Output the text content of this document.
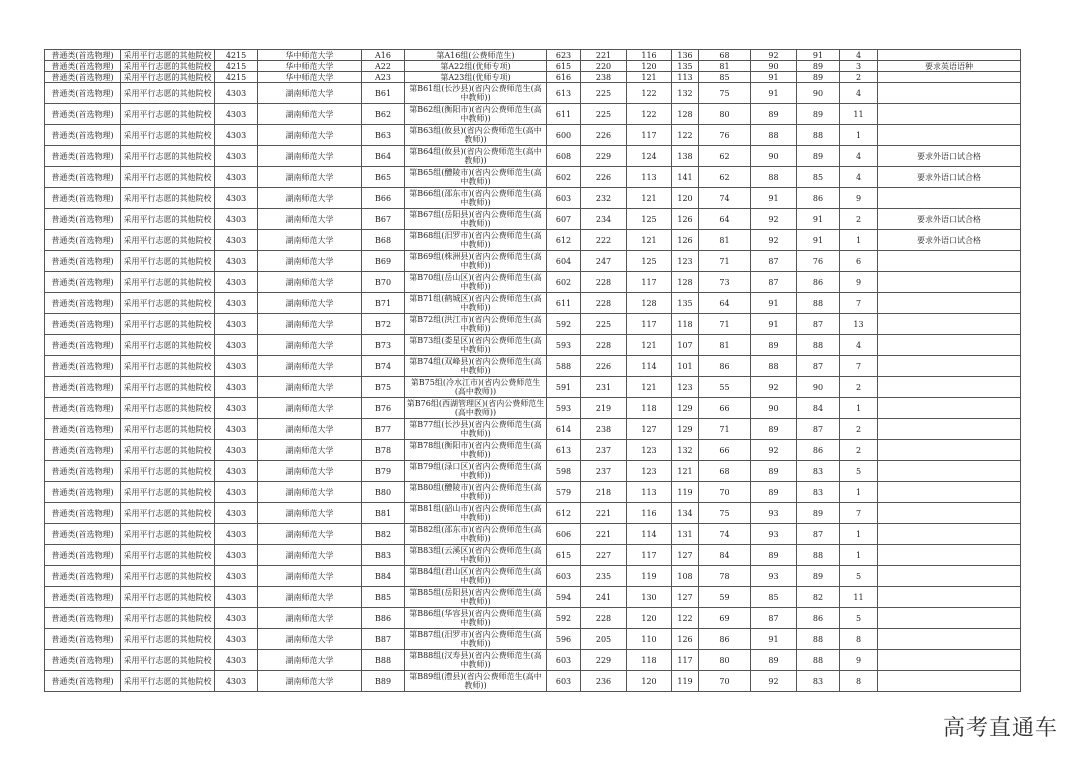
普通类(首选物理)	采用平行志愿的其他院校	4215	华中师范大学	A16	第A16组(公费师范生)	623	221	116	136	68	92	91	4	
普通类(首选物理)	采用平行志愿的其他院校	4215	华中师范大学	A22	第A22组(优师专项)	615	220	120	135	81	90	89	3	要求英语语种
普通类(首选物理)	采用平行志愿的其他院校	4215	华中师范大学	A23	第A23组(优师专项)	616	238	121	113	85	91	89	2	
普通类(首选物理)	采用平行志愿的其他院校	4303	湖南师范大学	B61	第B61组(长沙县)(省内公费师范生(高中教师))	613	225	122	132	75	91	90	4	
普通类(首选物理)	采用平行志愿的其他院校	4303	湖南师范大学	B62	第B62组(衡阳市)(省内公费师范生(高中教师))	611	225	122	128	80	89	89	11	
普通类(首选物理)	采用平行志愿的其他院校	4303	湖南师范大学	B63	第B63组(攸县)(省内公费师范生(高中教师))	600	226	117	122	76	88	88	1	
普通类(首选物理)	采用平行志愿的其他院校	4303	湖南师范大学	B64	第B64组(攸县)(省内公费师范生(高中教师))	608	229	124	138	62	90	89	4	要求外语口试合格
普通类(首选物理)	采用平行志愿的其他院校	4303	湖南师范大学	B65	第B65组(醴陵市)(省内公费师范生(高中教师))	602	226	113	141	62	88	85	4	要求外语口试合格
普通类(首选物理)	采用平行志愿的其他院校	4303	湖南师范大学	B66	第B66组(邵东市)(省内公费师范生(高中教师))	603	232	121	120	74	91	86	9	
普通类(首选物理)	采用平行志愿的其他院校	4303	湖南师范大学	B67	第B67组(岳阳县)(省内公费师范生(高中教师))	607	234	125	126	64	92	91	2	要求外语口试合格
普通类(首选物理)	采用平行志愿的其他院校	4303	湖南师范大学	B68	第B68组(汨罗市)(省内公费师范生(高中教师))	612	222	121	126	81	92	91	1	要求外语口试合格
普通类(首选物理)	采用平行志愿的其他院校	4303	湖南师范大学	B69	第B69组(株洲县)(省内公费师范生(高中教师))	604	247	125	123	71	87	76	6	
普通类(首选物理)	采用平行志愿的其他院校	4303	湖南师范大学	B70	第B70组(岳山区)(省内公费师范生(高中教师))	602	228	117	128	73	87	86	9	
普通类(首选物理)	采用平行志愿的其他院校	4303	湖南师范大学	B71	第B71组(鹤城区)(省内公费师范生(高中教师))	611	228	128	135	64	91	88	7	
普通类(首选物理)	采用平行志愿的其他院校	4303	湖南师范大学	B72	第B72组(洪江市)(省内公费师范生(高中教师))	592	225	117	118	71	91	87	13	
普通类(首选物理)	采用平行志愿的其他院校	4303	湖南师范大学	B73	第B73组(娄星区)(省内公费师范生(高中教师))	593	228	121	107	81	89	88	4	
普通类(首选物理)	采用平行志愿的其他院校	4303	湖南师范大学	B74	第B74组(双峰县)(省内公费师范生(高中教师))	588	226	114	101	86	88	87	7	
普通类(首选物理)	采用平行志愿的其他院校	4303	湖南师范大学	B75	第B75组(冷水江市)(省内公费师范生(高中教师))	591	231	121	123	55	92	90	2	
普通类(首选物理)	采用平行志愿的其他院校	4303	湖南师范大学	B76	第B76组(西湖管理区)(省内公费师范生(高中教师))	593	219	118	129	66	90	84	1	
普通类(首选物理)	采用平行志愿的其他院校	4303	湖南师范大学	B77	第B77组(长沙县)(省内公费师范生(高中教师))	614	238	127	129	71	89	87	2	
普通类(首选物理)	采用平行志愿的其他院校	4303	湖南师范大学	B78	第B78组(衡阳市)(省内公费师范生(高中教师))	613	237	123	132	66	92	86	2	
普通类(首选物理)	采用平行志愿的其他院校	4303	湖南师范大学	B79	第B79组(渌口区)(省内公费师范生(高中教师))	598	237	123	121	68	89	83	5	
普通类(首选物理)	采用平行志愿的其他院校	4303	湖南师范大学	B80	第B80组(醴陵市)(省内公费师范生(高中教师))	579	218	113	119	70	89	83	1	
普通类(首选物理)	采用平行志愿的其他院校	4303	湖南师范大学	B81	第B81组(韶山市)(省内公费师范生(高中教师))	612	221	116	134	75	93	89	7	
普通类(首选物理)	采用平行志愿的其他院校	4303	湖南师范大学	B82	第B82组(邵东市)(省内公费师范生(高中教师))	606	221	114	131	74	93	87	1	
普通类(首选物理)	采用平行志愿的其他院校	4303	湖南师范大学	B83	第B83组(云溪区)(省内公费师范生(高中教师))	615	227	117	127	84	89	88	1	
普通类(首选物理)	采用平行志愿的其他院校	4303	湖南师范大学	B84	第B84组(君山区)(省内公费师范生(高中教师))	603	235	119	108	78	93	89	5	
普通类(首选物理)	采用平行志愿的其他院校	4303	湖南师范大学	B85	第B85组(岳阳县)(省内公费师范生(高中教师))	594	241	130	127	59	85	82	11	
普通类(首选物理)	采用平行志愿的其他院校	4303	湖南师范大学	B86	第B86组(华容县)(省内公费师范生(高中教师))	592	228	120	122	69	87	86	5	
普通类(首选物理)	采用平行志愿的其他院校	4303	湖南师范大学	B87	第B87组(汨罗市)(省内公费师范生(高中教师))	596	205	110	126	86	91	88	8	
普通类(首选物理)	采用平行志愿的其他院校	4303	湖南师范大学	B88	第B88组(汉寿县)(省内公费师范生(高中教师))	603	229	118	117	80	89	88	9	
普通类(首选物理)	采用平行志愿的其他院校	4303	湖南师范大学	B89	第B89组(澧县)(省内公费师范生(高中教师))	603	236	120	119	70	92	83	8	
高考直通车
